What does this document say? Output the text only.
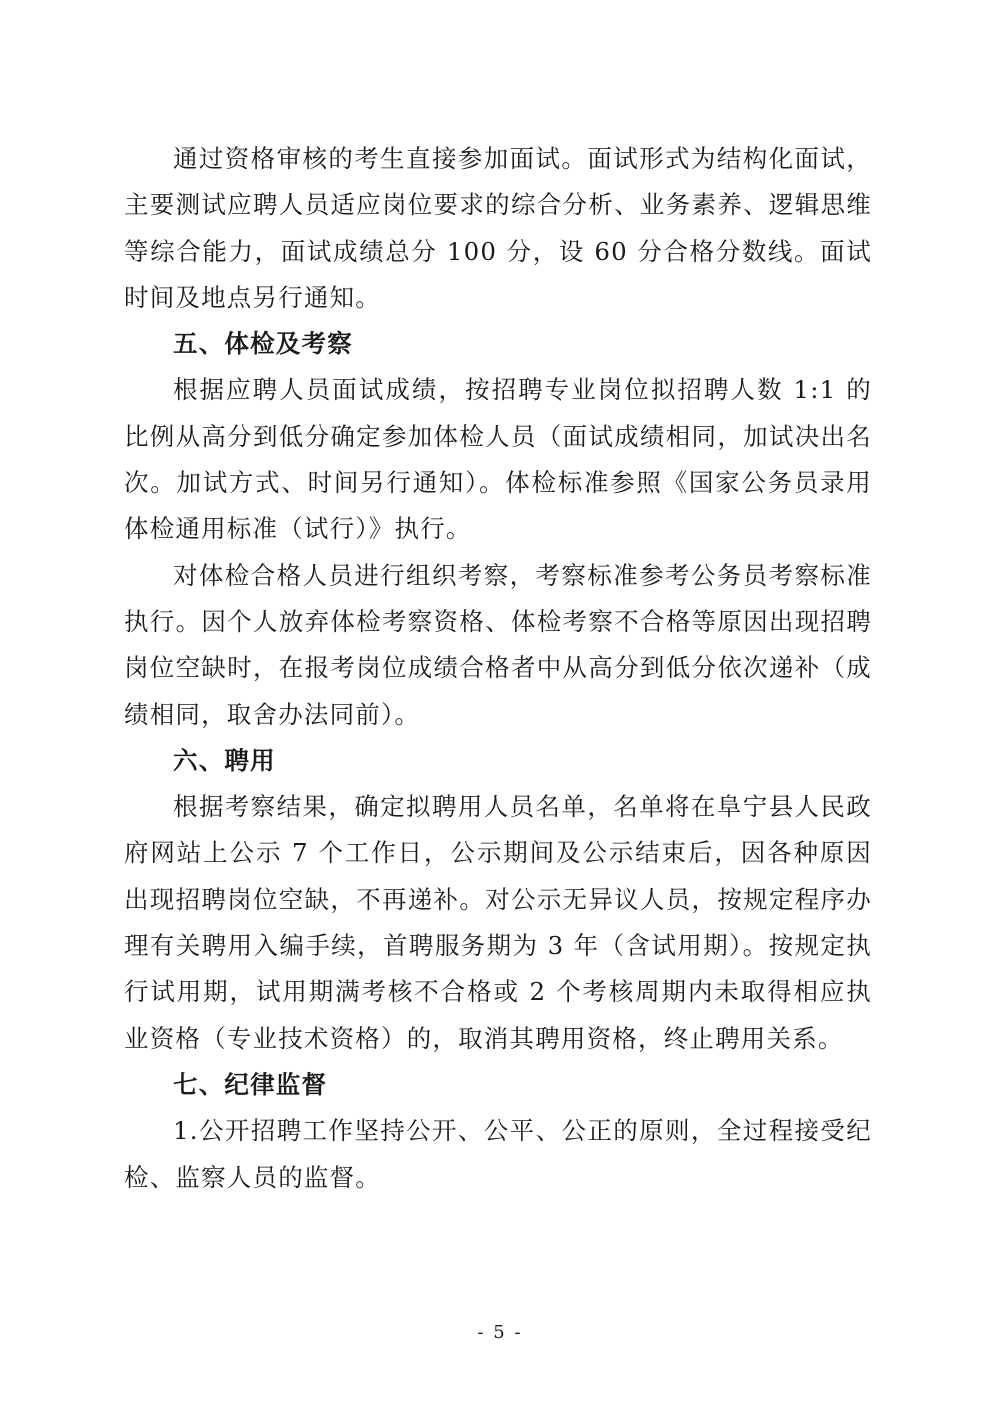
通过资格审核的考生直接参加面试。面试形式为结构化面试，主要测试应聘人员适应岗位要求的综合分析、业务素养、逻辑思维等综合能力，面试成绩总分 100 分，设 60 分合格分数线。面试时间及地点另行通知。

五、体检及考察

根据应聘人员面试成绩，按招聘专业岗位拟招聘人数 1:1 的比例从高分到低分确定参加体检人员（面试成绩相同，加试决出名次。加试方式、时间另行通知）。体检标准参照《国家公务员录用体检通用标准（试行）》执行。

对体检合格人员进行组织考察，考察标准参考公务员考察标准执行。因个人放弃体检考察资格、体检考察不合格等原因出现招聘岗位空缺时，在报考岗位成绩合格者中从高分到低分依次递补（成绩相同，取舍办法同前）。

六、聘用

根据考察结果，确定拟聘用人员名单，名单将在阜宁县人民政府网站上公示 7 个工作日，公示期间及公示结束后，因各种原因出现招聘岗位空缺，不再递补。对公示无异议人员，按规定程序办理有关聘用入编手续，首聘服务期为 3 年（含试用期）。按规定执行试用期，试用期满考核不合格或 2 个考核周期内未取得相应执业资格（专业技术资格）的，取消其聘用资格，终止聘用关系。

七、纪律监督

1.公开招聘工作坚持公开、公平、公正的原则，全过程接受纪检、监察人员的监督。

- 5 -
